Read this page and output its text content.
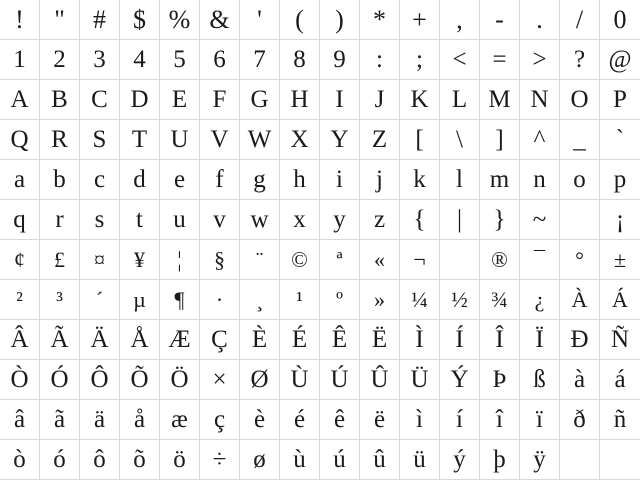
! " # $ % & ' ( ) * + , - . / 0
1 2 3 4 5 6 7 8 9 : ; < = > ? @
A B C D E F G H I J K L M N O P
Q R S T U V W X Y Z [ \ ] ^ _ `
a b c d e f g h i j k l m n o p
q r s t u v w x y z { | } ~	¡
¢ £ ¤ ¥ ¦ § ¨ © ª « ¬	® ¯ ° ±
² ³ ´ µ ¶ · ¸ ¹ º » ¼ ½ ¾ ¿ À Á
Â Ã Ä Å Æ Ç È É Ê Ë Ì Í Î Ï Ð Ñ
Ò Ó Ô Õ Ö × Ø Ù Ú Û Ü Ý Þ ß à á
â ã ä å æ ç è é ê ë ì í î ï ð ñ
ò ó ô õ ö ÷ ø ù ú û ü ý þ ÿ
